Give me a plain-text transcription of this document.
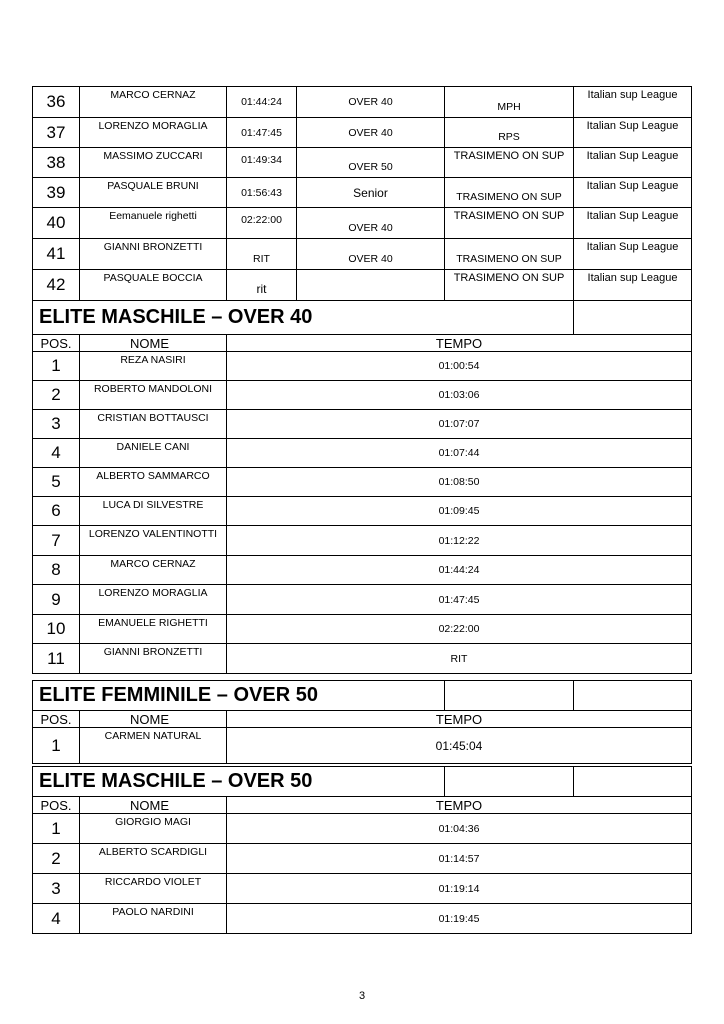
36	MARCO CERNAZ	01:44:24	OVER 40	MPH	Italian sup League
37	LORENZO MORAGLIA	01:47:45	OVER 40	RPS	Italian Sup League
38	MASSIMO ZUCCARI	01:49:34	OVER 50	TRASIMENO ON SUP	Italian Sup League
39	PASQUALE BRUNI	01:56:43	Senior	TRASIMENO ON SUP	Italian Sup League
40	Eemanuele righetti	02:22:00	OVER 40	TRASIMENO ON SUP	Italian Sup League
41	GIANNI BRONZETTI	RIT	OVER 40	TRASIMENO ON SUP	Italian Sup League
42	PASQUALE BOCCIA	rit		TRASIMENO ON SUP	Italian sup League
ELITE MASCHILE – OVER 40			
POS.	NOME	TEMPO	
1	REZA NASIRI	01:00:54	
2	ROBERTO MANDOLONI	01:03:06	
3	CRISTIAN BOTTAUSCI	01:07:07	
4	DANIELE CANI	01:07:44	
5	ALBERTO SAMMARCO	01:08:50	
6	LUCA DI SILVESTRE	01:09:45	
7	LORENZO VALENTINOTTI	01:12:22	
8	MARCO CERNAZ	01:44:24	
9	LORENZO MORAGLIA	01:47:45	
10	EMANUELE RIGHETTI	02:22:00	
11	GIANNI BRONZETTI	RIT	
ELITE FEMMINILE – OVER 50				
POS.	NOME	TEMPO		
1	CARMEN NATURAL	01:45:04		
ELITE MASCHILE – OVER 50				
POS.	NOME	TEMPO		
1	GIORGIO MAGI	01:04:36		
2	ALBERTO SCARDIGLI	01:14:57		
3	RICCARDO VIOLET	01:19:14		
4	PAOLO NARDINI	01:19:45		
3
